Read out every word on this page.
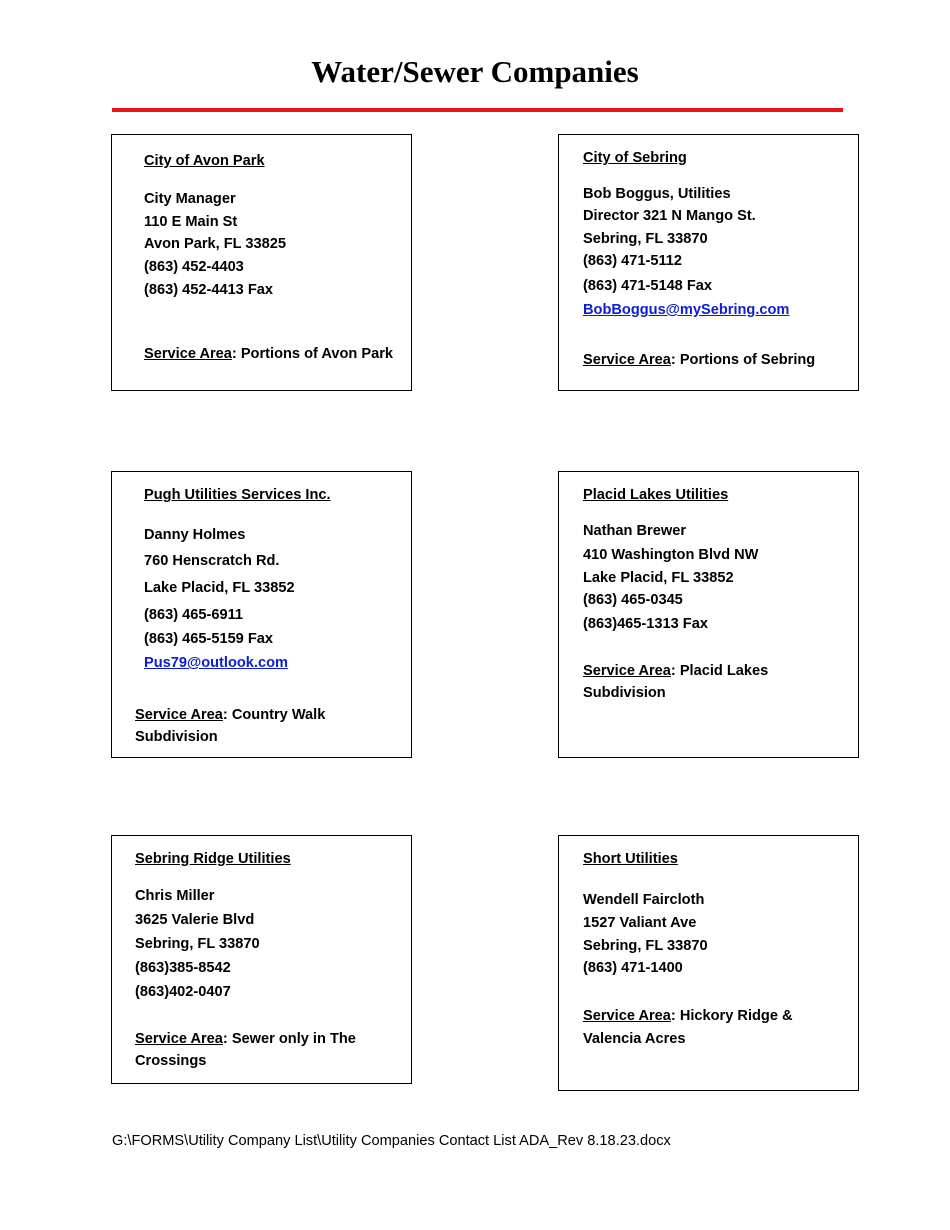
Water/Sewer Companies
City of Avon Park
City Manager
110 E Main St
Avon Park, FL 33825
(863) 452-4403
(863) 452-4413 Fax
Service Area: Portions of Avon Park
City of Sebring
Bob Boggus, Utilities
Director 321 N Mango St.
Sebring, FL 33870
(863) 471-5112
(863) 471-5148 Fax
BobBoggus@mySebring.com
Service Area: Portions of Sebring
Pugh Utilities Services Inc.
Danny Holmes
760 Henscratch Rd.
Lake Placid, FL 33852
(863) 465-6911
(863) 465-5159 Fax
Pus79@outlook.com
Service Area: Country Walk
Subdivision
Placid Lakes Utilities
Nathan Brewer
410 Washington Blvd NW
Lake Placid, FL 33852
(863) 465-0345
(863)465-1313 Fax
Service Area: Placid Lakes
Subdivision
Sebring Ridge Utilities
Chris Miller
3625 Valerie Blvd
Sebring, FL 33870
(863)385-8542
(863)402-0407
Service Area: Sewer only in The
Crossings
Short Utilities
Wendell Faircloth
1527 Valiant Ave
Sebring, FL 33870
(863) 471-1400
Service Area: Hickory Ridge &
Valencia Acres
G:\FORMS\Utility Company List\Utility Companies Contact List ADA_Rev 8.18.23.docx
